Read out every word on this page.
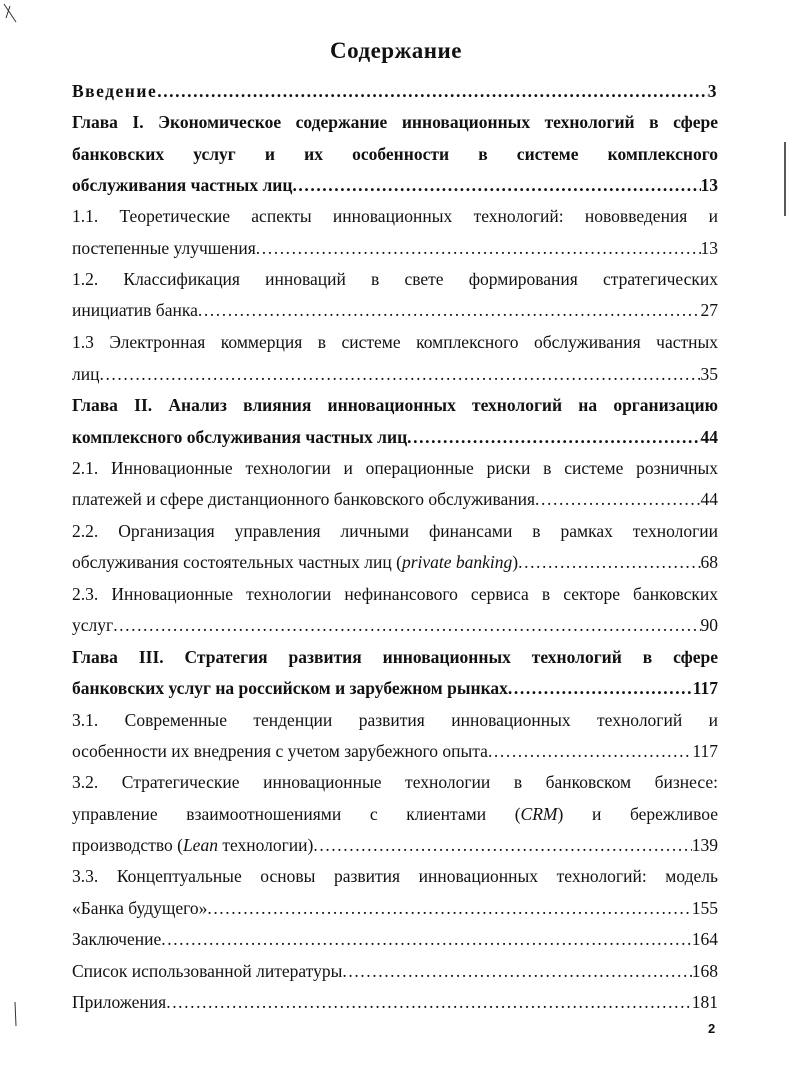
Содержание
Введение .....	3
Глава I. Экономическое содержание инновационных технологий в сфере
банковских услуг и их особенности в системе комплексного
обслуживания частных лиц .....	13
1.1. Теоретические аспекты инновационных технологий: нововведения и
постепенные улучшения .....	13
1.2. Классификация инноваций в свете формирования стратегических
инициатив банка .....	27
1.3 Электронная коммерция в системе комплексного обслуживания частных
лиц .....	35
Глава II. Анализ влияния инновационных технологий на организацию
комплексного обслуживания частных лиц .....	44
2.1. Инновационные технологии и операционные риски в системе розничных
платежей и сфере дистанционного банковского обслуживания .....	44
2.2. Организация управления личными финансами в рамках технологии
обслуживания состоятельных частных лиц (private banking) .....	68
2.3. Инновационные технологии нефинансового сервиса в секторе банковских
услуг .....	90
Глава III. Стратегия развития инновационных технологий в сфере
банковских услуг на российском и зарубежном рынках .....	117
3.1. Современные тенденции развития инновационных технологий и
особенности их внедрения с учетом зарубежного опыта .....	117
3.2. Стратегические инновационные технологии в банковском бизнесе:
управление взаимоотношениями с клиентами (CRM) и бережливое
производство (Lean технологии) .....	139
3.3. Концептуальные основы развития инновационных технологий: модель
«Банка будущего» .....	155
Заключение .....	164
Список использованной литературы .....	168
Приложения .....	181
2
